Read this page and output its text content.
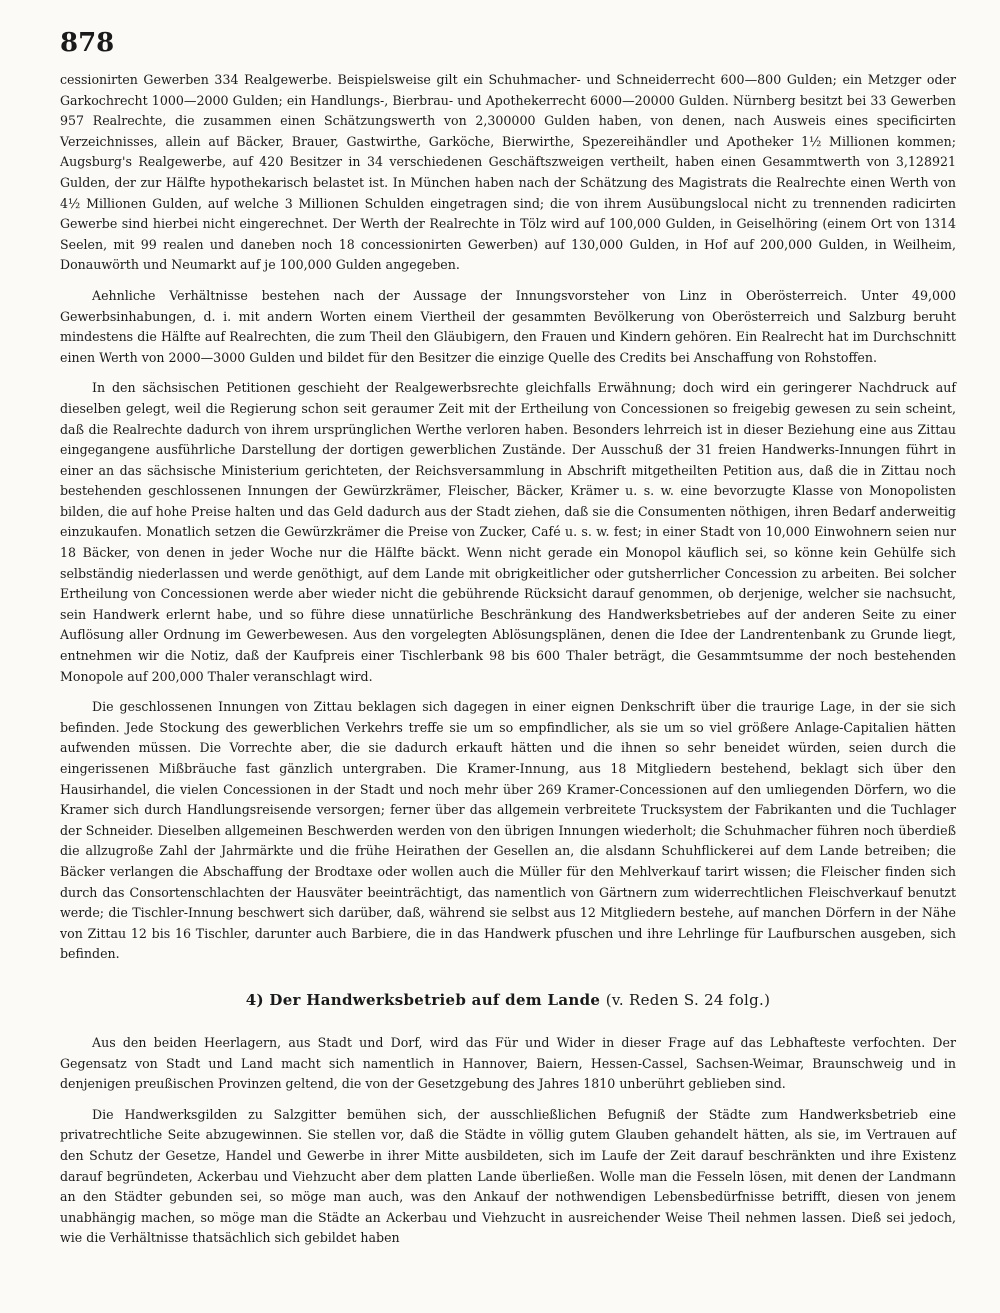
878

cessionirten Gewerben 334 Realgewerbe. Beispielsweise gilt ein Schuhmacher- und Schneiderrecht 600—800 Gulden; ein Metzger oder Garkochrecht 1000—2000 Gulden; ein Handlungs-, Bierbrau- und Apothekerrecht 6000—20000 Gulden. Nürnberg besitzt bei 33 Gewerben 957 Realrechte, die zusammen einen Schätzungswerth von 2,300000 Gulden haben, von denen, nach Ausweis eines specificirten Verzeichnisses, allein auf Bäcker, Brauer, Gastwirthe, Garköche, Bierwirthe, Spezereihändler und Apotheker 1½ Millionen kommen; Augsburg's Realgewerbe, auf 420 Besitzer in 34 verschiedenen Geschäftszweigen vertheilt, haben einen Gesammtwerth von 3,128921 Gulden, der zur Hälfte hypothekarisch belastet ist. In München haben nach der Schätzung des Magistrats die Realrechte einen Werth von 4½ Millionen Gulden, auf welche 3 Millionen Schulden eingetragen sind; die von ihrem Ausübungslocal nicht zu trennenden radicirten Gewerbe sind hierbei nicht eingerechnet. Der Werth der Realrechte in Tölz wird auf 100,000 Gulden, in Geiselhöring (einem Ort von 1314 Seelen, mit 99 realen und daneben noch 18 concessionirten Gewerben) auf 130,000 Gulden, in Hof auf 200,000 Gulden, in Weilheim, Donauwörth und Neumarkt auf je 100,000 Gulden angegeben.

Aehnliche Verhältnisse bestehen nach der Aussage der Innungsvorsteher von Linz in Oberösterreich. Unter 49,000 Gewerbsinhabungen, d. i. mit andern Worten einem Viertheil der gesammten Bevölkerung von Oberösterreich und Salzburg beruht mindestens die Hälfte auf Realrechten, die zum Theil den Gläubigern, den Frauen und Kindern gehören. Ein Realrecht hat im Durchschnitt einen Werth von 2000—3000 Gulden und bildet für den Besitzer die einzige Quelle des Credits bei Anschaffung von Rohstoffen.

In den sächsischen Petitionen geschieht der Realgewerbsrechte gleichfalls Erwähnung; doch wird ein geringerer Nachdruck auf dieselben gelegt, weil die Regierung schon seit geraumer Zeit mit der Ertheilung von Concessionen so freigebig gewesen zu sein scheint, daß die Realrechte dadurch von ihrem ursprünglichen Werthe verloren haben. Besonders lehrreich ist in dieser Beziehung eine aus Zittau eingegangene ausführliche Darstellung der dortigen gewerblichen Zustände. Der Ausschuß der 31 freien Handwerks-Innungen führt in einer an das sächsische Ministerium gerichteten, der Reichsversammlung in Abschrift mitgetheilten Petition aus, daß die in Zittau noch bestehenden geschlossenen Innungen der Gewürzkrämer, Fleischer, Bäcker, Krämer u. s. w. eine bevorzugte Klasse von Monopolisten bilden, die auf hohe Preise halten und das Geld dadurch aus der Stadt ziehen, daß sie die Consumenten nöthigen, ihren Bedarf anderweitig einzukaufen. Monatlich setzen die Gewürzkrämer die Preise von Zucker, Café u. s. w. fest; in einer Stadt von 10,000 Einwohnern seien nur 18 Bäcker, von denen in jeder Woche nur die Hälfte bäckt. Wenn nicht gerade ein Monopol käuflich sei, so könne kein Gehülfe sich selbständig niederlassen und werde genöthigt, auf dem Lande mit obrigkeitlicher oder gutsherrlicher Concession zu arbeiten. Bei solcher Ertheilung von Concessionen werde aber wieder nicht die gebührende Rücksicht darauf genommen, ob derjenige, welcher sie nachsucht, sein Handwerk erlernt habe, und so führe diese unnatürliche Beschränkung des Handwerksbetriebes auf der anderen Seite zu einer Auflösung aller Ordnung im Gewerbewesen. Aus den vorgelegten Ablösungsplänen, denen die Idee der Landrentenbank zu Grunde liegt, entnehmen wir die Notiz, daß der Kaufpreis einer Tischlerbank 98 bis 600 Thaler beträgt, die Gesammtsumme der noch bestehenden Monopole auf 200,000 Thaler veranschlagt wird.

Die geschlossenen Innungen von Zittau beklagen sich dagegen in einer eignen Denkschrift über die traurige Lage, in der sie sich befinden. Jede Stockung des gewerblichen Verkehrs treffe sie um so empfindlicher, als sie um so viel größere Anlage-Capitalien hätten aufwenden müssen. Die Vorrechte aber, die sie dadurch erkauft hätten und die ihnen so sehr beneidet würden, seien durch die eingerissenen Mißbräuche fast gänzlich untergraben. Die Kramer-Innung, aus 18 Mitgliedern bestehend, beklagt sich über den Hausirhandel, die vielen Concessionen in der Stadt und noch mehr über 269 Kramer-Concessionen auf den umliegenden Dörfern, wo die Kramer sich durch Handlungsreisende versorgen; ferner über das allgemein verbreitete Trucksystem der Fabrikanten und die Tuchlager der Schneider. Dieselben allgemeinen Beschwerden werden von den übrigen Innungen wiederholt; die Schuhmacher führen noch überdieß die allzugroße Zahl der Jahrmärkte und die frühe Heirathen der Gesellen an, die alsdann Schuhflickerei auf dem Lande betreiben; die Bäcker verlangen die Abschaffung der Brodtaxe oder wollen auch die Müller für den Mehlverkauf tarirt wissen; die Fleischer finden sich durch das Consortenschlachten der Hausväter beeinträchtigt, das namentlich von Gärtnern zum widerrechtlichen Fleischverkauf benutzt werde; die Tischler-Innung beschwert sich darüber, daß, während sie selbst aus 12 Mitgliedern bestehe, auf manchen Dörfern in der Nähe von Zittau 12 bis 16 Tischler, darunter auch Barbiere, die in das Handwerk pfuschen und ihre Lehrlinge für Laufburschen ausgeben, sich befinden.

4) Der Handwerksbetrieb auf dem Lande (v. Reden S. 24 folg.)

Aus den beiden Heerlagern, aus Stadt und Dorf, wird das Für und Wider in dieser Frage auf das Lebhafteste verfochten. Der Gegensatz von Stadt und Land macht sich namentlich in Hannover, Baiern, Hessen-Cassel, Sachsen-Weimar, Braunschweig und in denjenigen preußischen Provinzen geltend, die von der Gesetzgebung des Jahres 1810 unberührt geblieben sind.

Die Handwerksgilden zu Salzgitter bemühen sich, der ausschließlichen Befugniß der Städte zum Handwerksbetrieb eine privatrechtliche Seite abzugewinnen. Sie stellen vor, daß die Städte in völlig gutem Glauben gehandelt hätten, als sie, im Vertrauen auf den Schutz der Gesetze, Handel und Gewerbe in ihrer Mitte ausbildeten, sich im Laufe der Zeit darauf beschränkten und ihre Existenz darauf begründeten, Ackerbau und Viehzucht aber dem platten Lande überließen. Wolle man die Fesseln lösen, mit denen der Landmann an den Städter gebunden sei, so möge man auch, was den Ankauf der nothwendigen Lebensbedürfnisse betrifft, diesen von jenem unabhängig machen, so möge man die Städte an Ackerbau und Viehzucht in ausreichender Weise Theil nehmen lassen. Dieß sei jedoch, wie die Verhältnisse thatsächlich sich gebildet haben
